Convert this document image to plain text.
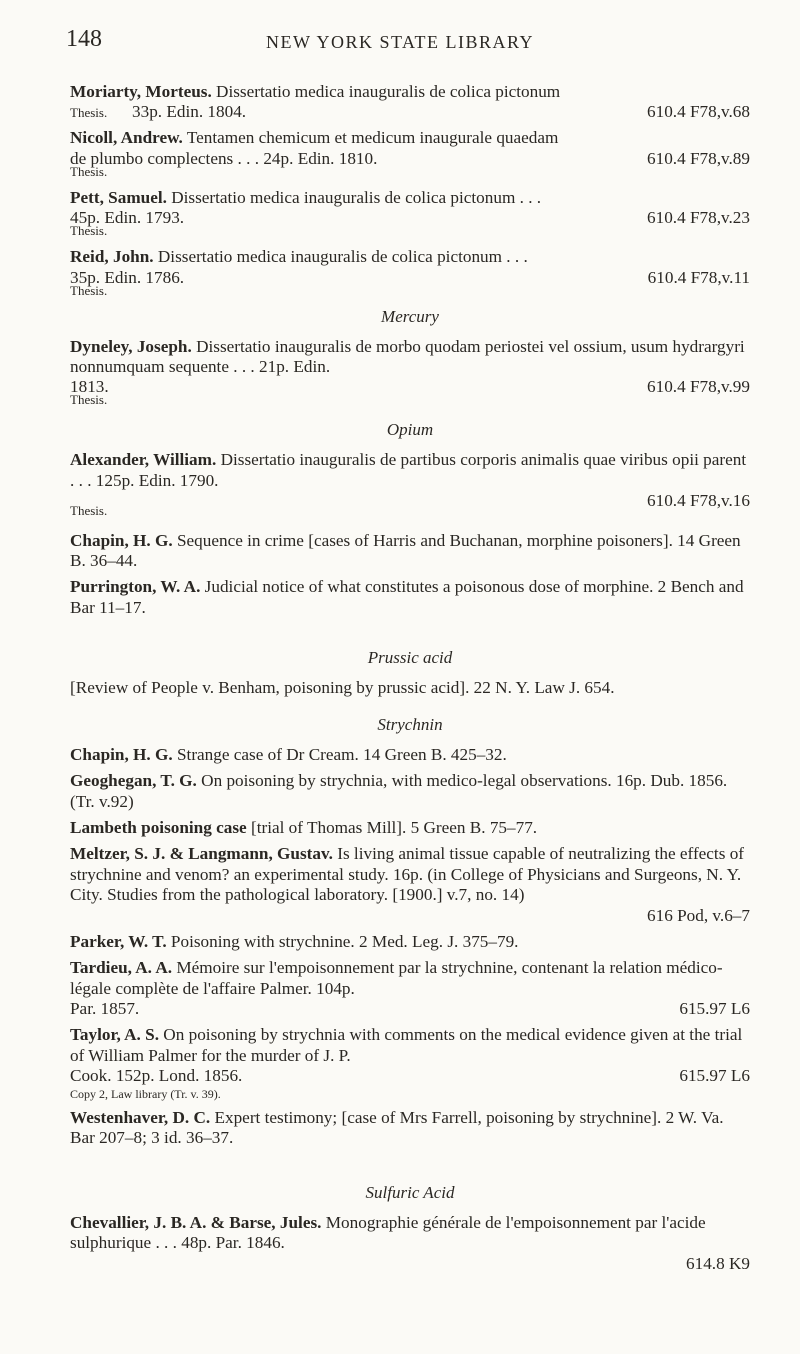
148	NEW YORK STATE LIBRARY
Moriarty, Morteus. Dissertatio medica inauguralis de colica pictonum
Thesis. 33p. Edin. 1804.	610.4 F78,v.68
Nicoll, Andrew. Tentamen chemicum et medicum inaugurale quaedam
de plumbo complectens . . . 24p. Edin. 1810.	610.4 F78,v.89
Thesis.
Pett, Samuel. Dissertatio medica inauguralis de colica pictonum . . .
45p. Edin. 1793.	610.4 F78,v.23
Thesis.
Reid, John. Dissertatio medica inauguralis de colica pictonum . . .
35p. Edin. 1786.	610.4 F78,v.11
Thesis.
Mercury
Dyneley, Joseph. Dissertatio inauguralis de morbo quodam periostei vel ossium, usum hydrargyri nonnumquam sequente . . . 21p. Edin.
1813.	610.4 F78,v.99
Thesis.
Opium
Alexander, William. Dissertatio inauguralis de partibus corporis animalis quae viribus opii parent . . . 125p. Edin. 1790.
610.4 F78,v.16
Thesis.
Chapin, H. G. Sequence in crime [cases of Harris and Buchanan, morphine poisoners]. 14 Green B. 36–44.
Purrington, W. A. Judicial notice of what constitutes a poisonous dose of morphine. 2 Bench and Bar 11–17.
Prussic acid
[Review of People v. Benham, poisoning by prussic acid]. 22 N. Y. Law J. 654.
Strychnin
Chapin, H. G. Strange case of Dr Cream. 14 Green B. 425–32.
Geoghegan, T. G. On poisoning by strychnia, with medico-legal observations. 16p. Dub. 1856. (Tr. v.92)
Lambeth poisoning case [trial of Thomas Mill]. 5 Green B. 75–77.
Meltzer, S. J. & Langmann, Gustav. Is living animal tissue capable of neutralizing the effects of strychnine and venom? an experimental study. 16p. (in College of Physicians and Surgeons, N. Y. City. Studies from the pathological laboratory. [1900.] v.7, no. 14)
616 Pod, v.6–7
Parker, W. T. Poisoning with strychnine. 2 Med. Leg. J. 375–79.
Tardieu, A. A. Mémoire sur l'empoisonnement par la strychnine, contenant la relation médico-légale complète de l'affaire Palmer. 104p.
Par. 1857.	615.97 L6
Taylor, A. S. On poisoning by strychnia with comments on the medical evidence given at the trial of William Palmer for the murder of J. P.
Cook. 152p. Lond. 1856.	615.97 L6
Copy 2, Law library (Tr. v. 39).
Westenhaver, D. C. Expert testimony; [case of Mrs Farrell, poisoning by strychnine]. 2 W. Va. Bar 207–8; 3 id. 36–37.
Sulfuric Acid
Chevallier, J. B. A. & Barse, Jules. Monographie générale de l'empoisonnement par l'acide sulphurique . . . 48p. Par. 1846.
614.8 K9
